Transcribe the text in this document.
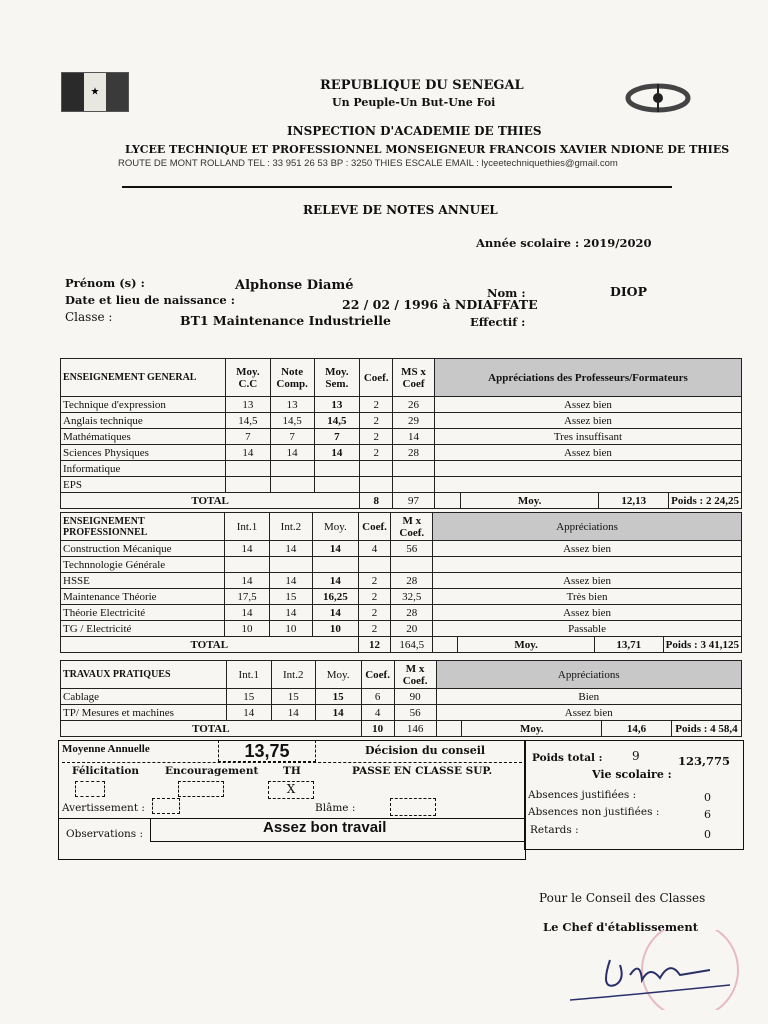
★	REPUBLIQUE DU SENEGAL
Un Peuple-Un But-Une Foi
INSPECTION D'ACADEMIE DE THIES
LYCEE TECHNIQUE ET PROFESSIONNEL MONSEIGNEUR FRANCOIS XAVIER NDIONE DE THIES
ROUTE DE MONT ROLLAND TEL : 33 951 26 53 BP : 3250 THIES ESCALE EMAIL : lyceetechniquethies@gmail.com
RELEVE DE NOTES ANNUEL
Année scolaire : 2019/2020
Prénom (s) :	Alphonse Diamé	Nom :	DIOP
Date et lieu de naissance :	22 / 02 / 1996 à NDIAFFATE
Classe :	BT1 Maintenance Industrielle	Effectif :
ENSEIGNEMENT GENERAL	Moy. C.C	Note Comp.	Moy. Sem.	Coef.	MS x Coef	Appréciations des Professeurs/Formateurs			
Technique d'expression	13	13	13	2	26	Assez bien			
Anglais technique	14,5	14,5	14,5	2	29	Assez bien			
Mathématiques	7	7	7	2	14	Tres insuffisant			
Sciences Physiques	14	14	14	2	28	Assez bien			
Informatique									
EPS									
TOTAL				8	97		Moy.	12,13	Poids : 2 24,25
ENSEIGNEMENT PROFESSIONNEL	Int.1	Int.2	Moy.	Coef.	M x Coef.	Appréciations			
Construction Mécanique	14	14	14	4	56	Assez bien			
Technnologie Générale									
HSSE	14	14	14	2	28	Assez bien			
Maintenance Théorie	17,5	15	16,25	2	32,5	Très bien			
Théorie Electricité	14	14	14	2	28	Assez bien			
TG / Electricité	10	10	10	2	20	Passable			
TOTAL				12	164,5		Moy.	13,71	Poids : 3 41,125
TRAVAUX PRATIQUES	Int.1	Int.2	Moy.	Coef.	M x Coef.	Appréciations			
Cablage	15	15	15	6	90	Bien			
TP/ Mesures et machines	14	14	14	4	56	Assez bien			
TOTAL				10	146		Moy.	14,6	Poids : 4 58,4
Moyenne Annuelle	13,75	Décision du conseil
Poids total : 9	123,775
Félicitation Encouragement TH	PASSE EN CLASSE SUP.	Vie scolaire :
X
Avertissement :	Blâme :
Absences justifiées :	0
Absences non justifiées :	6
Retards :	0
Observations :	Assez bon travail
Pour le Conseil des Classes
Le Chef d'établissement
